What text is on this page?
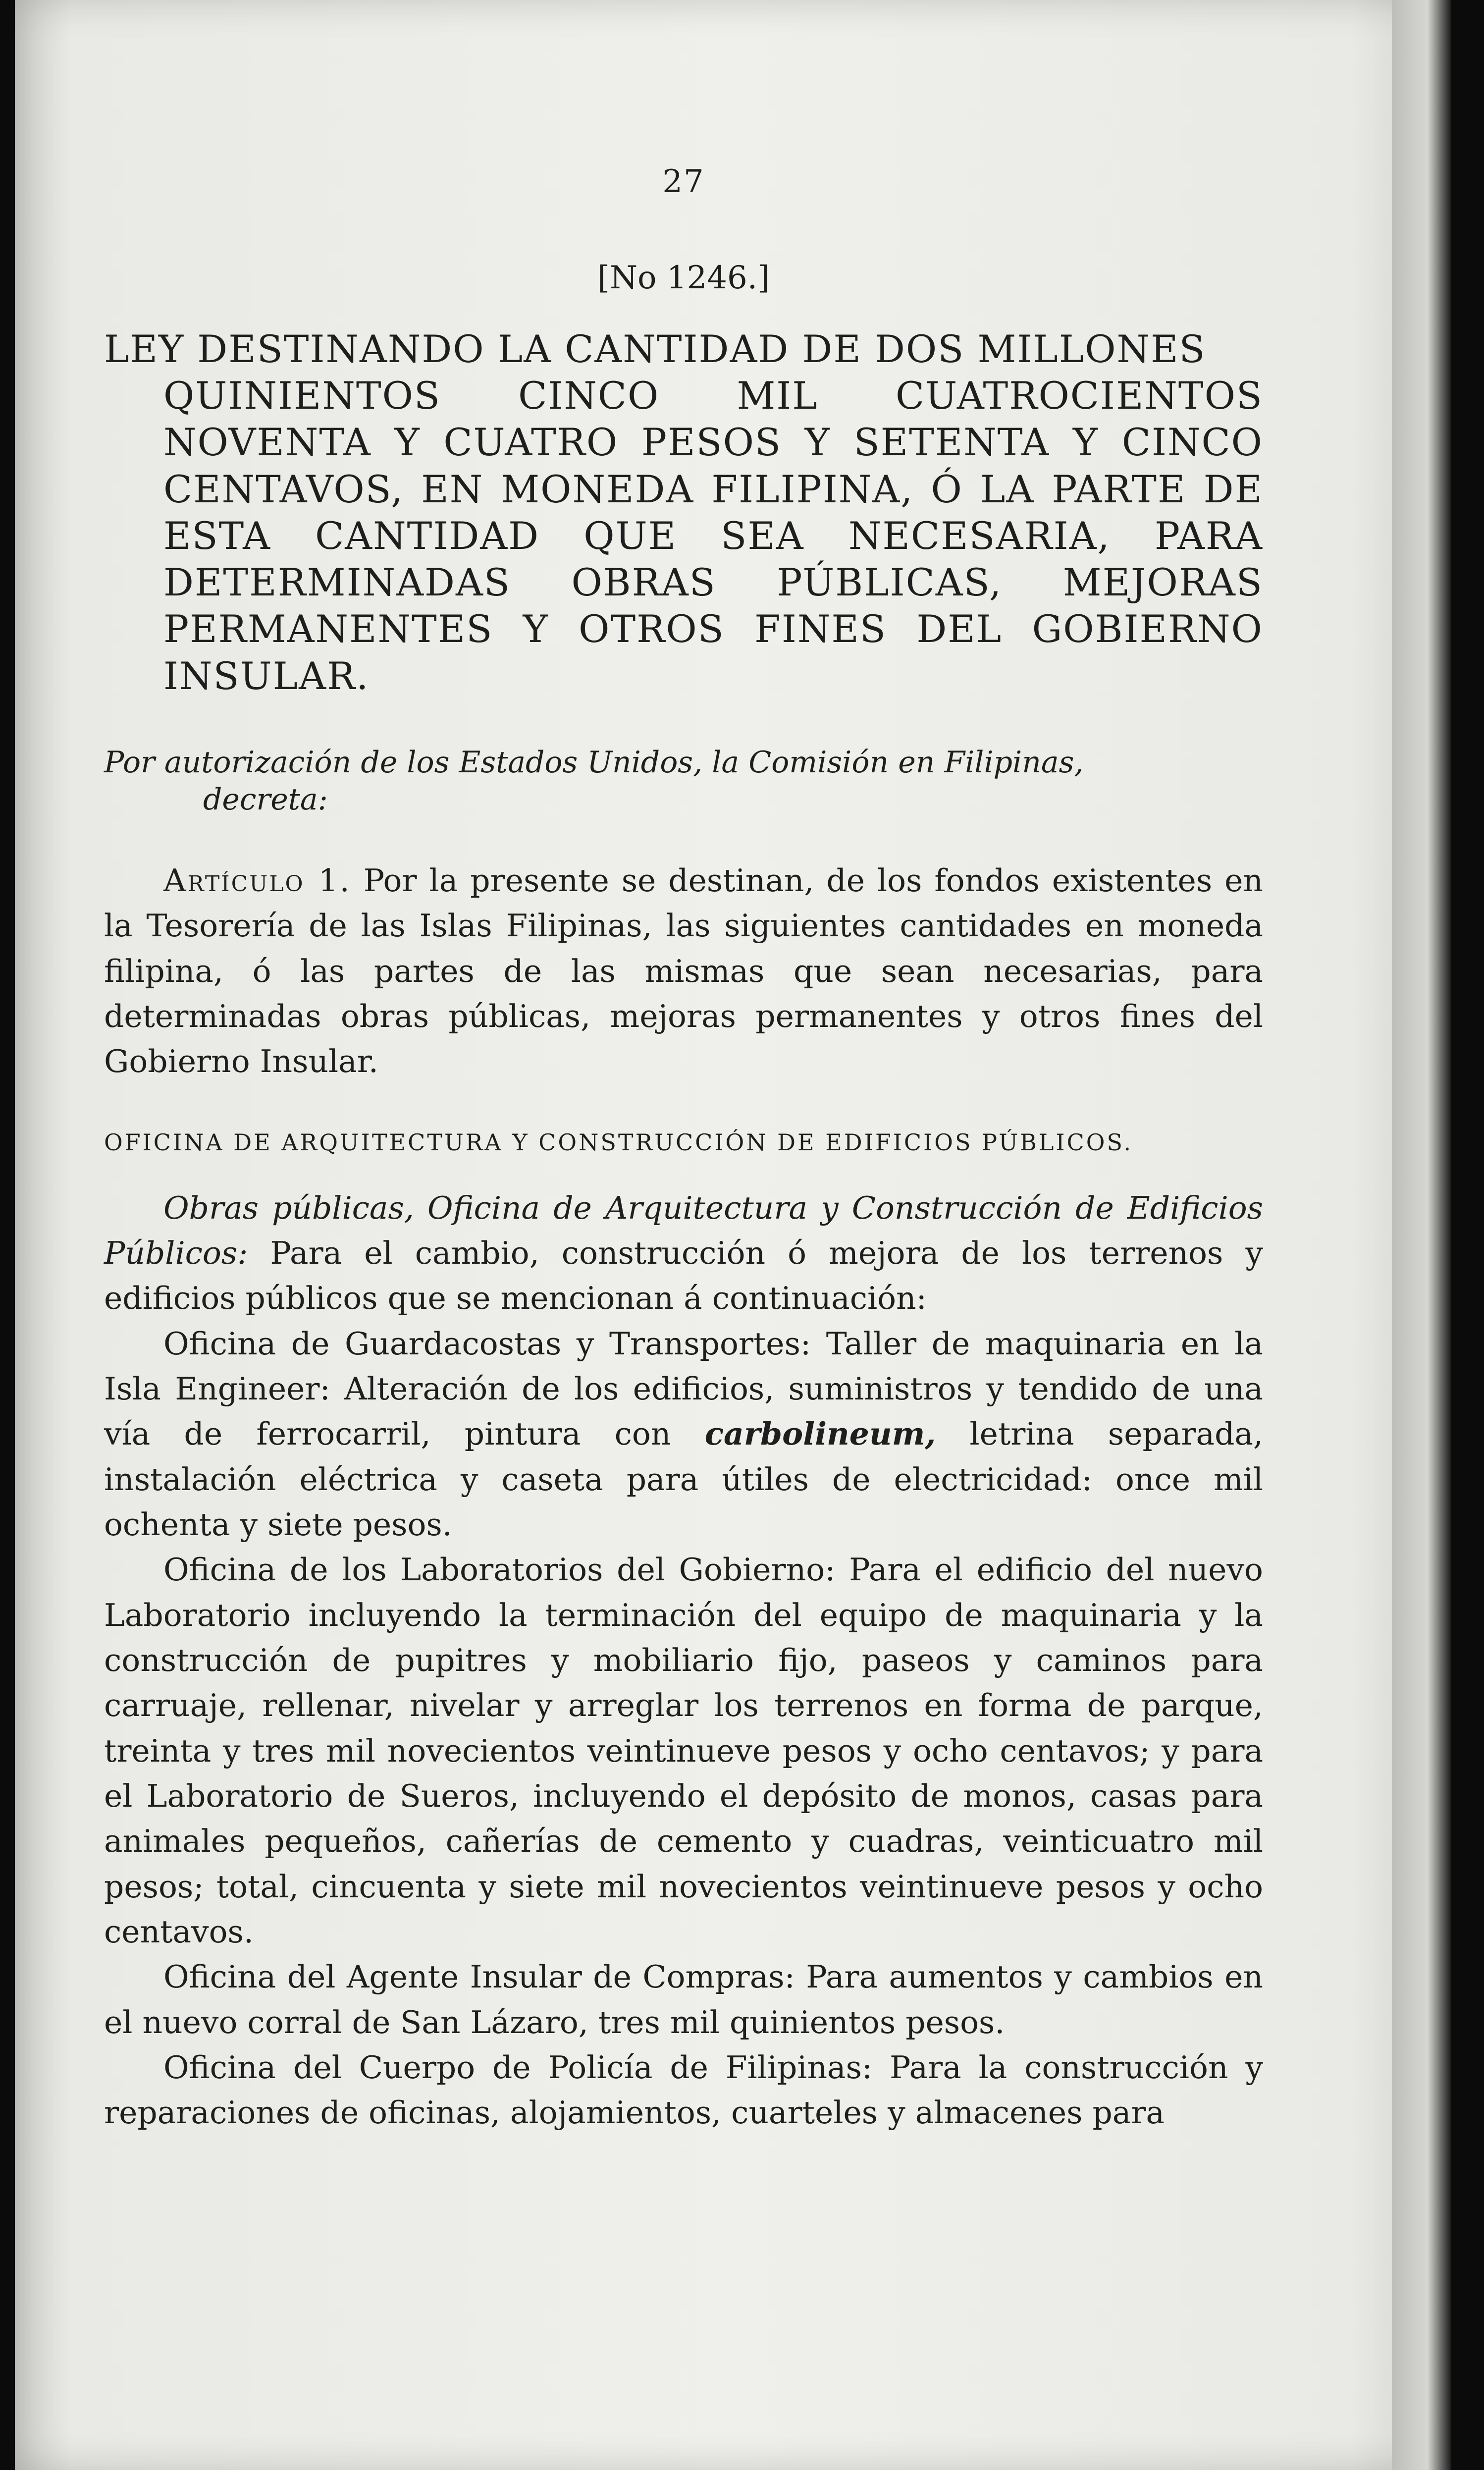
27
[No 1246.]
LEY DESTINANDO LA CANTIDAD DE DOS MILLONES
QUINIENTOS CINCO MIL CUATROCIENTOS NOVENTA Y CUATRO PESOS Y SETENTA Y CINCO CENTAVOS, EN MONEDA FILIPINA, Ó LA PARTE DE ESTA CANTIDAD QUE SEA NECESARIA, PARA DETERMINADAS OBRAS PÚBLICAS, MEJORAS PERMANENTES Y OTROS FINES DEL GOBIERNO INSULAR.
Por autorización de los Estados Unidos, la Comisión en Filipinas,
decreta:

Artículo 1. Por la presente se destinan, de los fondos existentes en la Tesorería de las Islas Filipinas, las siguientes cantidades en moneda filipina, ó las partes de las mismas que sean necesarias, para determinadas obras públicas, mejoras permanentes y otros fines del Gobierno Insular.

OFICINA DE ARQUITECTURA Y CONSTRUCCIÓN DE EDIFICIOS PÚBLICOS.

Obras públicas, Oficina de Arquitectura y Construcción de Edificios Públicos: Para el cambio, construcción ó mejora de los terrenos y edificios públicos que se mencionan á continuación:

Oficina de Guardacostas y Transportes: Taller de maquinaria en la Isla Engineer: Alteración de los edificios, suministros y tendido de una vía de ferrocarril, pintura con carbolineum, letrina separada, instalación eléctrica y caseta para útiles de electricidad: once mil ochenta y siete pesos.

Oficina de los Laboratorios del Gobierno: Para el edificio del nuevo Laboratorio incluyendo la terminación del equipo de maquinaria y la construcción de pupitres y mobiliario fijo, paseos y caminos para carruaje, rellenar, nivelar y arreglar los terrenos en forma de parque, treinta y tres mil novecientos veintinueve pesos y ocho centavos; y para el Laboratorio de Sueros, incluyendo el depósito de monos, casas para animales pequeños, cañerías de cemento y cuadras, veinticuatro mil pesos; total, cincuenta y siete mil novecientos veintinueve pesos y ocho centavos.

Oficina del Agente Insular de Compras: Para aumentos y cambios en el nuevo corral de San Lázaro, tres mil quinientos pesos.

Oficina del Cuerpo de Policía de Filipinas: Para la construcción y reparaciones de oficinas, alojamientos, cuarteles y almacenes para
